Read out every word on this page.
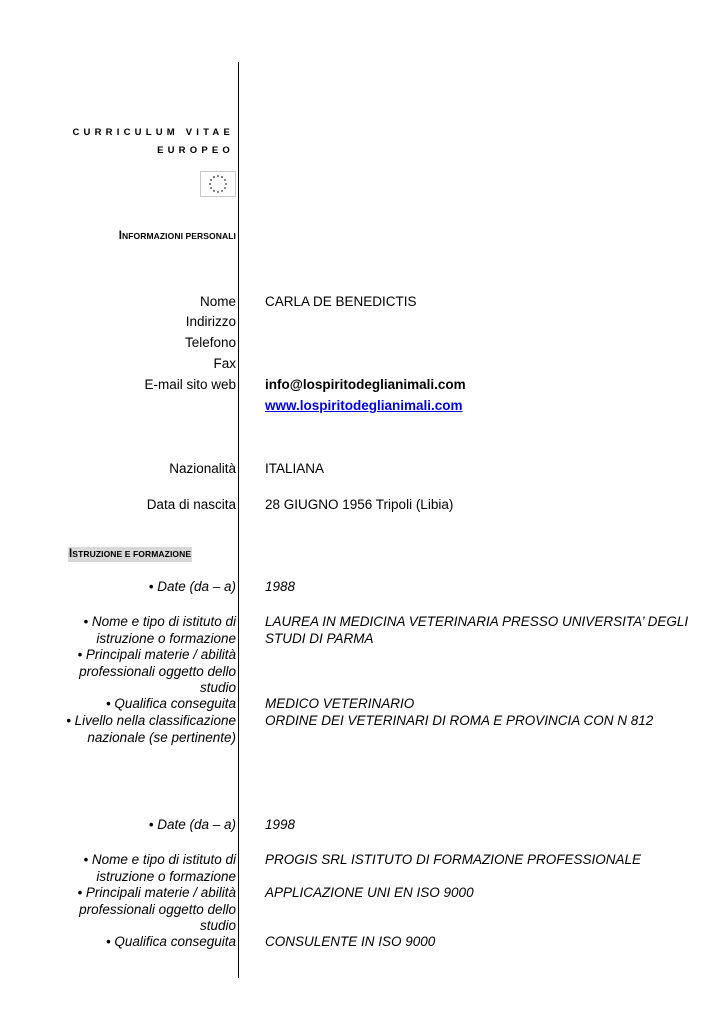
CURRICULUM VITAE
EUROPEO
INFORMAZIONI PERSONALI
Nome CARLA DE BENEDICTIS
Indirizzo
Telefono
Fax
E-mail sito web info@lospiritodeglianimali.com
www.lospiritodeglianimali.com
Nazionalità ITALIANA
Data di nascita 28 GIUGNO 1956 Tripoli (Libia)
ISTRUZIONE E FORMAZIONE
• Date (da – a) 1988
• Nome e tipo di istituto di istruzione o formazione
LAUREA IN MEDICINA VETERINARIA PRESSO UNIVERSITA’ DEGLI STUDI DI PARMA
• Principali materie / abilità professionali oggetto dello studio
• Qualifica conseguita MEDICO VETERINARIO
• Livello nella classificazione nazionale (se pertinente)
ORDINE DEI VETERINARI DI ROMA E PROVINCIA CON N 812
• Date (da – a) 1998
• Nome e tipo di istituto di istruzione o formazione
PROGIS SRL ISTITUTO DI FORMAZIONE PROFESSIONALE
• Principali materie / abilità professionali oggetto dello studio
APPLICAZIONE UNI EN ISO 9000
• Qualifica conseguita CONSULENTE IN ISO 9000
